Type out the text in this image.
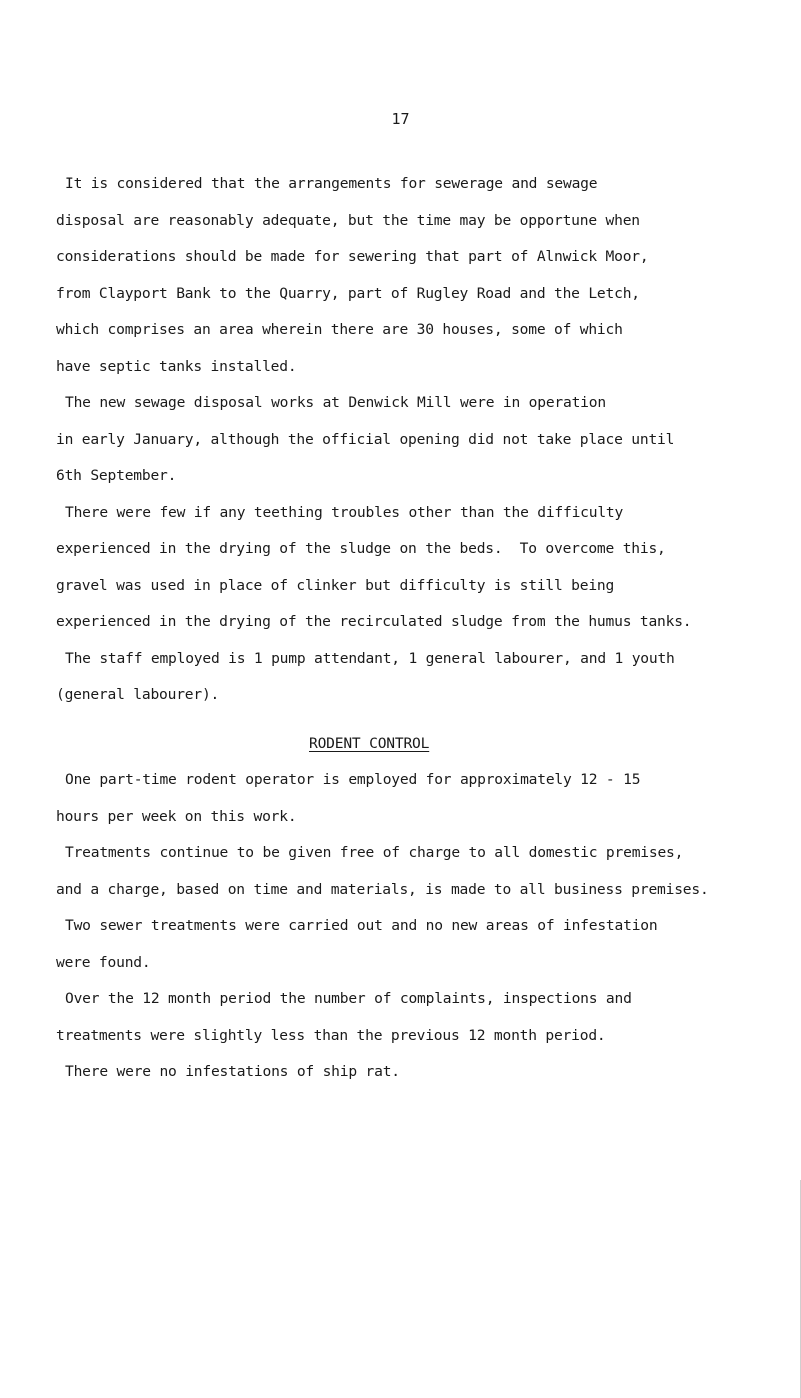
17
It is considered that the arrangements for sewerage and sewage
disposal are reasonably adequate, but the time may be opportune when
considerations should be made for sewering that part of Alnwick Moor,
from Clayport Bank to the Quarry, part of Rugley Road and the Letch,
which comprises an area wherein there are 30 houses, some of which
have septic tanks installed.
The new sewage disposal works at Denwick Mill were in operation
in early January, although the official opening did not take place until
6th September.
There were few if any teething troubles other than the difficulty
experienced in the drying of the sludge on the beds.  To overcome this,
gravel was used in place of clinker but difficulty is still being
experienced in the drying of the recirculated sludge from the humus tanks.
The staff employed is 1 pump attendant, 1 general labourer, and 1 youth
(general labourer).
RODENT CONTROL
One part-time rodent operator is employed for approximately 12 - 15
hours per week on this work.
Treatments continue to be given free of charge to all domestic premises,
and a charge, based on time and materials, is made to all business premises.
Two sewer treatments were carried out and no new areas of infestation
were found.
Over the 12 month period the number of complaints, inspections and
treatments were slightly less than the previous 12 month period.
There were no infestations of ship rat.
